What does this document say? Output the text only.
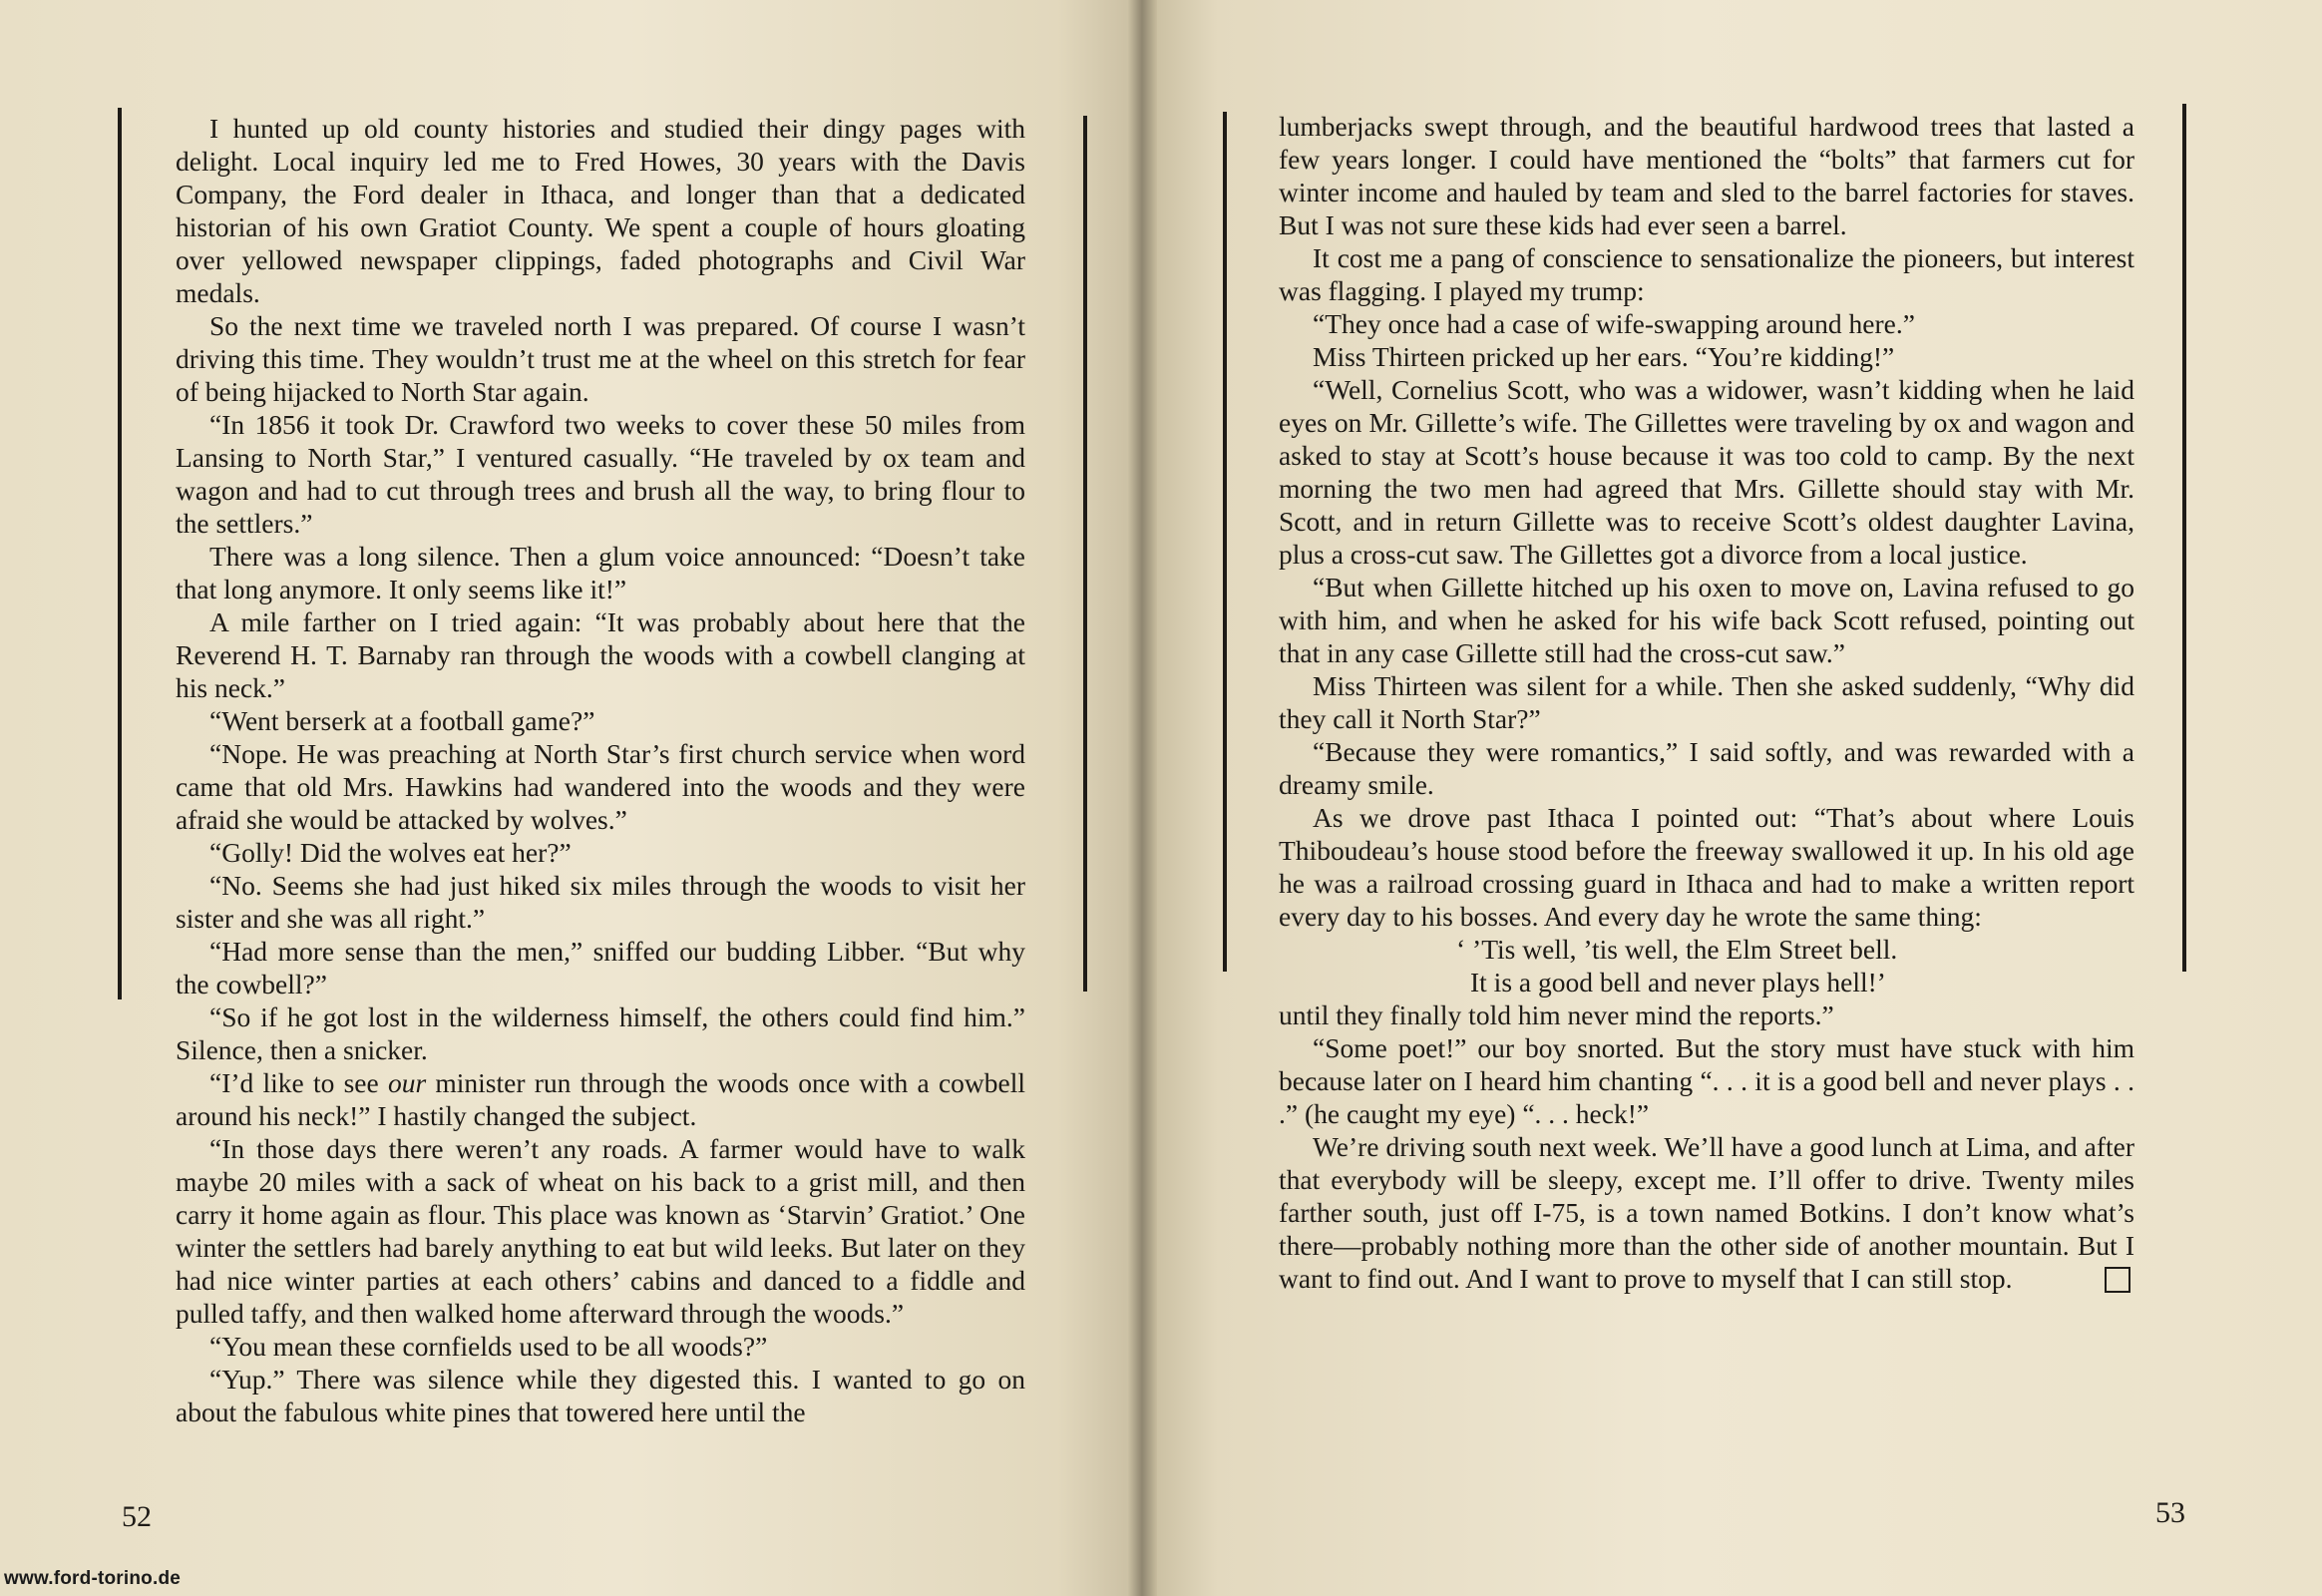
I hunted up old county histories and studied their dingy pages with delight. Local inquiry led me to Fred Howes, 30 years with the Davis Company, the Ford dealer in Ithaca, and longer than that a dedicated historian of his own Gratiot County. We spent a couple of hours gloating over yellowed newspaper clippings, faded photographs and Civil War medals.

So the next time we traveled north I was prepared. Of course I wasn’t driving this time. They wouldn’t trust me at the wheel on this stretch for fear of being hijacked to North Star again.

“In 1856 it took Dr. Crawford two weeks to cover these 50 miles from Lansing to North Star,” I ventured casually. “He traveled by ox team and wagon and had to cut through trees and brush all the way, to bring flour to the settlers.”

There was a long silence. Then a glum voice announced: “Doesn’t take that long anymore. It only seems like it!”

A mile farther on I tried again: “It was probably about here that the Reverend H. T. Barnaby ran through the woods with a cowbell clanging at his neck.”

“Went berserk at a football game?”

“Nope. He was preaching at North Star’s first church service when word came that old Mrs. Hawkins had wandered into the woods and they were afraid she would be attacked by wolves.”

“Golly! Did the wolves eat her?”

“No. Seems she had just hiked six miles through the woods to visit her sister and she was all right.”

“Had more sense than the men,” sniffed our budding Libber. “But why the cowbell?”

“So if he got lost in the wilderness himself, the others could find him.” Silence, then a snicker.

“I’d like to see our minister run through the woods once with a cowbell around his neck!” I hastily changed the subject.

“In those days there weren’t any roads. A farmer would have to walk maybe 20 miles with a sack of wheat on his back to a grist mill, and then carry it home again as flour. This place was known as ‘Starvin’ Gratiot.’ One winter the settlers had barely anything to eat but wild leeks. But later on they had nice winter parties at each others’ cabins and danced to a fiddle and pulled taffy, and then walked home afterward through the woods.”

“You mean these cornfields used to be all woods?”

“Yup.” There was silence while they digested this. I wanted to go on about the fabulous white pines that towered here until the

lumberjacks swept through, and the beautiful hardwood trees that lasted a few years longer. I could have mentioned the “bolts” that farmers cut for winter income and hauled by team and sled to the barrel factories for staves. But I was not sure these kids had ever seen a barrel.

It cost me a pang of conscience to sensationalize the pioneers, but interest was flagging. I played my trump:

“They once had a case of wife-swapping around here.”

Miss Thirteen pricked up her ears. “You’re kidding!”

“Well, Cornelius Scott, who was a widower, wasn’t kidding when he laid eyes on Mr. Gillette’s wife. The Gillettes were traveling by ox and wagon and asked to stay at Scott’s house because it was too cold to camp. By the next morning the two men had agreed that Mrs. Gillette should stay with Mr. Scott, and in return Gillette was to receive Scott’s oldest daughter Lavina, plus a cross-cut saw. The Gillettes got a divorce from a local justice.

“But when Gillette hitched up his oxen to move on, Lavina refused to go with him, and when he asked for his wife back Scott refused, pointing out that in any case Gillette still had the cross-cut saw.”

Miss Thirteen was silent for a while. Then she asked suddenly, “Why did they call it North Star?”

“Because they were romantics,” I said softly, and was rewarded with a dreamy smile.

As we drove past Ithaca I pointed out: “That’s about where Louis Thiboudeau’s house stood before the freeway swallowed it up. In his old age he was a railroad crossing guard in Ithaca and had to make a written report every day to his bosses. And every day he wrote the same thing:

‘ ’Tis well, ’tis well, the Elm Street bell.
It is a good bell and never plays hell!’

until they finally told him never mind the reports.”

“Some poet!” our boy snorted. But the story must have stuck with him because later on I heard him chanting “. . . it is a good bell and never plays . . .” (he caught my eye) “. . . heck!”

We’re driving south next week. We’ll have a good lunch at Lima, and after that everybody will be sleepy, except me. I’ll offer to drive. Twenty miles farther south, just off I-75, is a town named Botkins. I don’t know what’s there—probably nothing more than the other side of another mountain. But I want to find out. And I want to prove to myself that I can still stop.

52	53
www.ford-torino.de
